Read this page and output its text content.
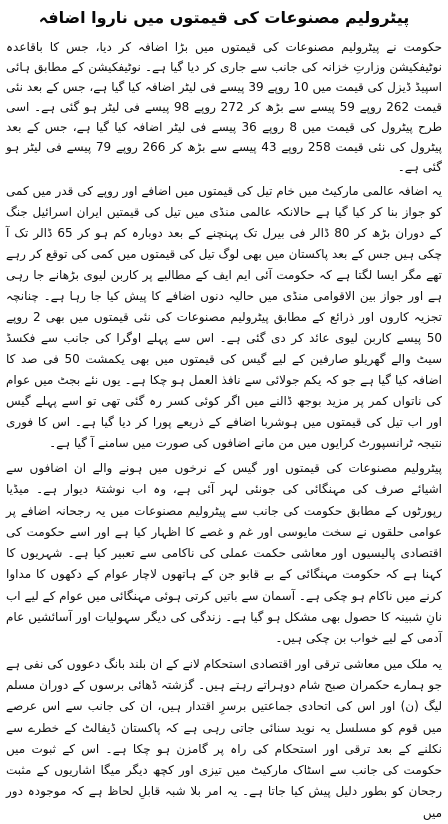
پیٹرولیم مصنوعات کی قیمتوں میں ناروا اضافہ

حکومت نے پیٹرولیم مصنوعات کی قیمتوں میں بڑا اضافہ کر دیا، جس کا باقاعدہ نوٹیفکیشن وزارتِ خزانہ کی جانب سے جاری کر دیا گیا ہے۔ نوٹیفکیشن کے مطابق ہائی اسپیڈ ڈیزل کی قیمت میں 10 روپے 39 پیسے فی لیٹر اضافہ کیا گیا ہے، جس کے بعد نئی قیمت 262 روپے 59 پیسے سے بڑھ کر 272 روپے 98 پیسے فی لیٹر ہو گئی ہے۔ اسی طرح پیٹرول کی قیمت میں 8 روپے 36 پیسے فی لیٹر اضافہ کیا گیا ہے، جس کے بعد پیٹرول کی نئی قیمت 258 روپے 43 پیسے سے بڑھ کر 266 روپے 79 پیسے فی لیٹر ہو گئی ہے۔

یہ اضافہ عالمی مارکیٹ میں خام تیل کی قیمتوں میں اضافے اور روپے کی قدر میں کمی کو جواز بنا کر کیا گیا ہے حالانکہ عالمی منڈی میں تیل کی قیمتیں ایران اسرائیل جنگ کے دوران بڑھ کر 80 ڈالر فی بیرل تک پہنچنے کے بعد دوبارہ کم ہو کر 65 ڈالر تک آ چکی ہیں جس کے بعد پاکستان میں بھی لوگ تیل کی قیمتوں میں کمی کی توقع کر رہے تھے مگر ایسا لگتا ہے کہ حکومت آئی ایم ایف کے مطالبے پر کاربن لیوی بڑھانے جا رہی ہے اور جواز بین الاقوامی منڈی میں حالیہ دنوں اضافے کا پیش کیا جا رہا ہے۔ چنانچہ تجزیہ کاروں اور ذرائع کے مطابق پیٹرولیم مصنوعات کی نئی قیمتوں میں بھی 2 روپے 50 پیسے کاربن لیوی عائد کر دی گئی ہے۔ اس سے پہلے اوگرا کی جانب سے فکسڈ سیٹ والے گھریلو صارفین کے لیے گیس کی قیمتوں میں بھی یکمشت 50 فی صد کا اضافہ کیا گیا ہے جو کہ یکم جولائی سے نافذ العمل ہو چکا ہے۔ یوں نئے بجٹ میں عوام کی ناتواں کمر پر مزید بوجھ ڈالنے میں اگر کوئی کسر رہ گئی تھی تو اسے پہلے گیس اور اب تیل کی قیمتوں میں ہوشربا اضافے کے ذریعے پورا کر دیا گیا ہے۔ اس کا فوری نتیجہ ٹرانسپورٹ کرایوں میں من مانے اضافوں کی صورت میں سامنے آ گیا ہے۔

پیٹرولیم مصنوعات کی قیمتوں اور گیس کے نرخوں میں ہونے والے ان اضافوں سے اشیائے صرف کی مہنگائی کی جونئی لہر آئی ہے، وہ اب نوشتۂ دیوار ہے۔ میڈیا رپورٹوں کے مطابق حکومت کی جانب سے پیٹرولیم مصنوعات میں یہ رجحانہ اضافے پر عوامی حلقوں نے سخت مایوسی اور غم و غصے کا اظہار کیا ہے اور اسے حکومت کی اقتصادی پالیسیوں اور معاشی حکمت عملی کی ناکامی سے تعبیر کیا ہے۔ شہریوں کا کہنا ہے کہ حکومت مہنگائی کے بے قابو جن کے ہاتھوں لاچار عوام کے دکھوں کا مداوا کرنے میں ناکام ہو چکی ہے۔ آسمان سے باتیں کرتی ہوئی مہنگائی میں عوام کے لیے اب نانِ شبینہ کا حصول بھی مشکل ہو گیا ہے۔ زندگی کی دیگر سہولیات اور آسائشیں عام آدمی کے لیے خواب بن چکی ہیں۔

یہ ملک میں معاشی ترقی اور اقتصادی استحکام لانے کے ان بلند بانگ دعووں کی نفی ہے جو ہمارے حکمران صبح شام دوہراتے رہتے ہیں۔ گزشتہ ڈھائی برسوں کے دوران مسلم لیگ (ن) اور اس کی اتحادی جماعتیں برسرِ اقتدار ہیں، ان کی جانب سے اس عرصے میں قوم کو مسلسل یہ نوید سنائی جاتی رہی ہے کہ پاکستان ڈیفالٹ کے خطرے سے نکلنے کے بعد ترقی اور استحکام کی راہ پر گامزن ہو چکا ہے۔ اس کے ثبوت میں حکومت کی جانب سے اسٹاک مارکیٹ میں تیزی اور کچھ دیگر میگا اشاریوں کے مثبت رجحان کو بطور دلیل پیش کیا جاتا ہے۔ یہ امر بلا شبہ قابلِ لحاظ ہے کہ موجودہ دور میں
